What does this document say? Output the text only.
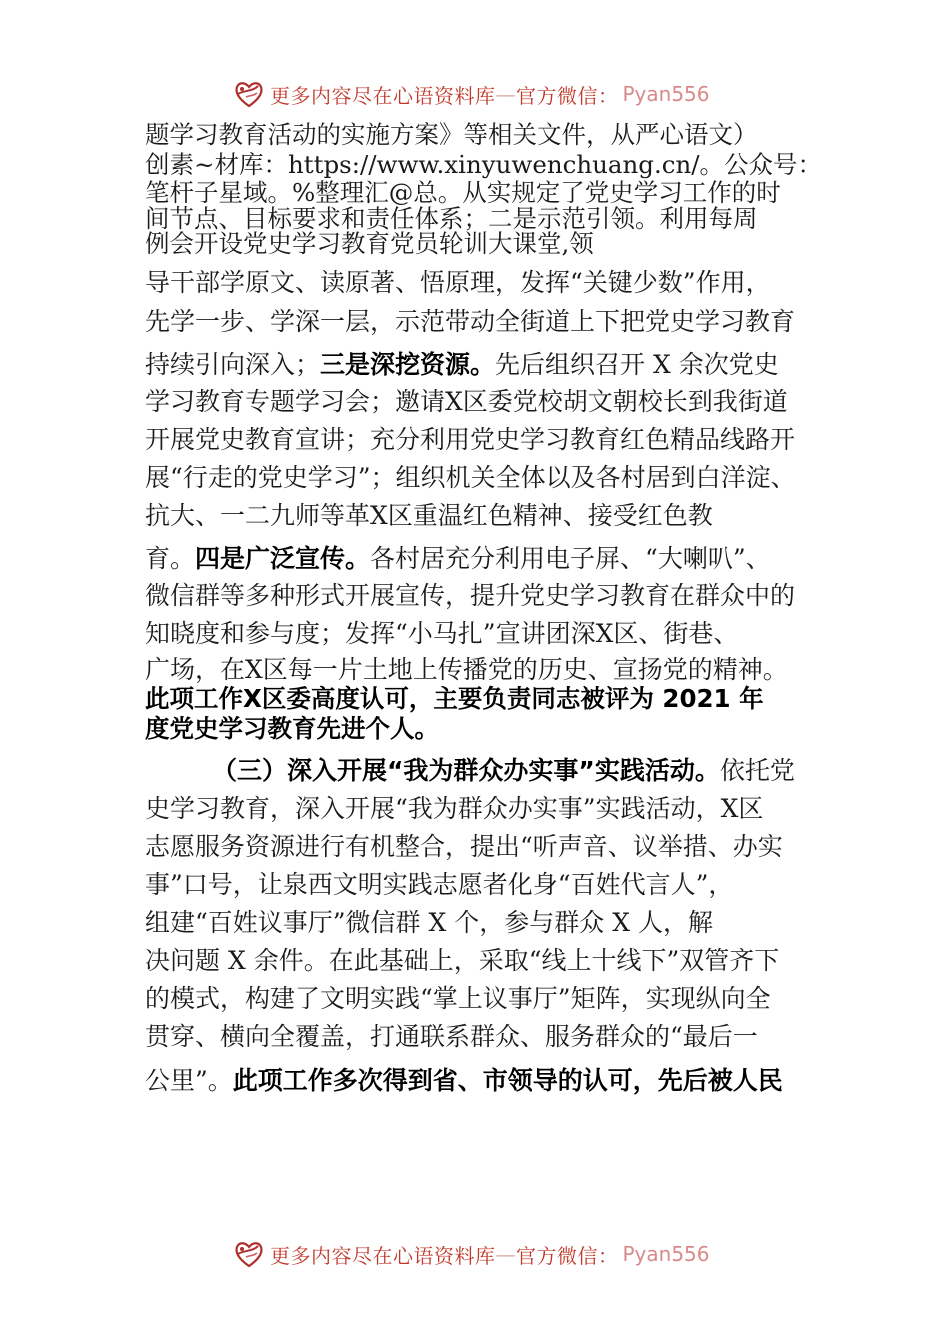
更多内容尽在心语资料库 — 官方微信： Pyan556
题学习教育活动的实施方案》等相关文件，从严心语文）
创素~材库：https://www.xinyuwenchuang.cn/。公众号：
笔杆子星域。%整理汇@总。从实规定了党史学习工作的时
间节点、目标要求和责任体系；二是示范引领。利用每周
例会开设党史学习教育党员轮训大课堂,领
导干部学原文、读原著、悟原理，发挥“关键少数”作用，
先学一步、学深一层，示范带动全街道上下把党史学习教育
持续引向深入；三是深挖资源。先后组织召开 X 余次党史
学习教育专题学习会；邀请X区委党校胡文朝校长到我街道
开展党史教育宣讲；充分利用党史学习教育红色精品线路开
展“行走的党史学习”；组织机关全体以及各村居到白洋淀、
抗大、一二九师等革X区重温红色精神、接受红色教
育。四是广泛宣传。各村居充分利用电子屏、“大喇叭”、
微信群等多种形式开展宣传，提升党史学习教育在群众中的
知晓度和参与度；发挥“小马扎”宣讲团深X区、街巷、
广场，在X区每一片土地上传播党的历史、宣扬党的精神。
此项工作X区委高度认可，主要负责同志被评为 2021 年
度党史学习教育先进个人。
（三）深入开展“我为群众办实事”实践活动。依托党
史学习教育，深入开展“我为群众办实事”实践活动，X区
志愿服务资源进行有机整合，提出“听声音、议举措、办实
事”口号，让泉西文明实践志愿者化身“百姓代言人”，
组建“百姓议事厅”微信群 X 个，参与群众 X 人，解
决问题 X 余件。在此基础上，采取“线上十线下”双管齐下
的模式，构建了文明实践“掌上议事厅”矩阵，实现纵向全
贯穿、横向全覆盖，打通联系群众、服务群众的“最后一
公里”。此项工作多次得到省、市领导的认可，先后被人民
更多内容尽在心语资料库 — 官方微信： Pyan556
